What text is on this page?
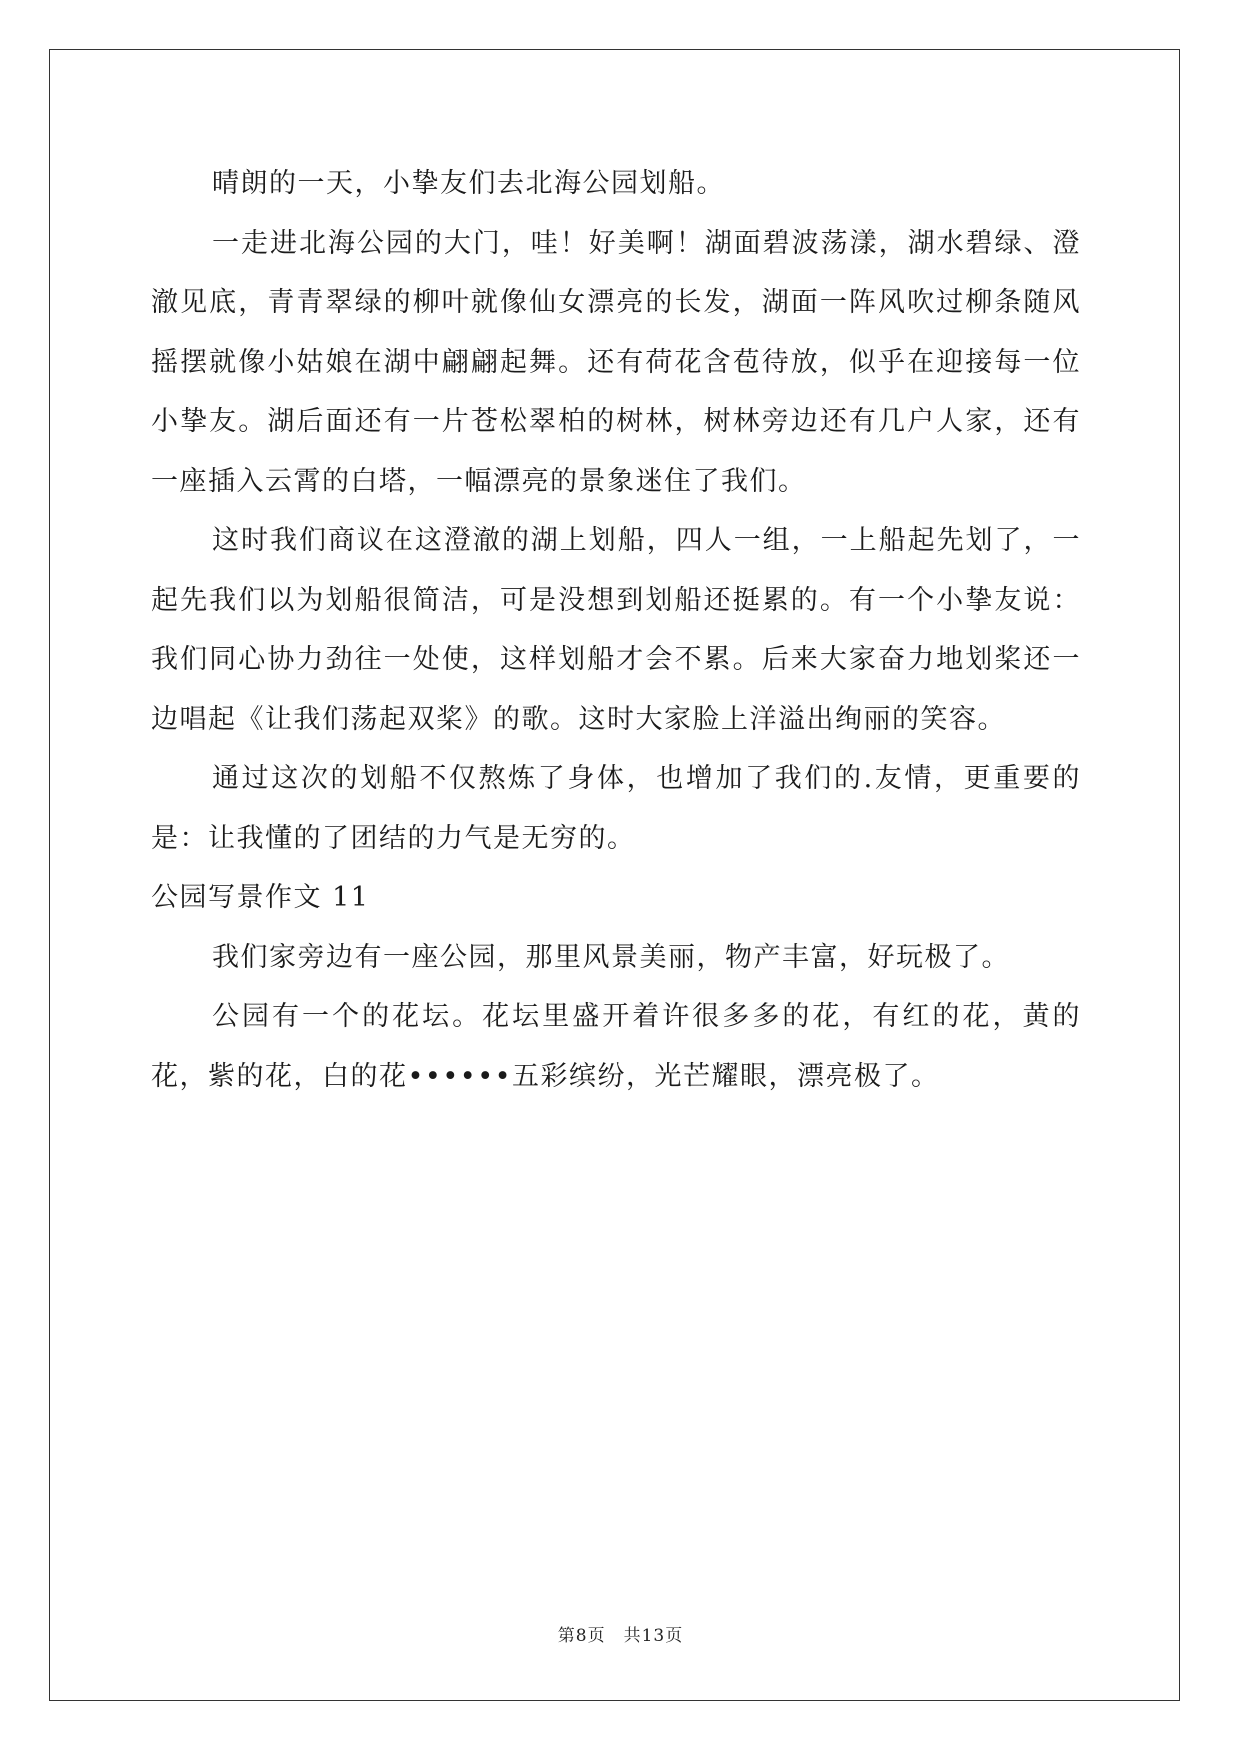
晴朗的一天，小挚友们去北海公园划船。

一走进北海公园的大门，哇！好美啊！湖面碧波荡漾，湖水碧绿、澄澈见底，青青翠绿的柳叶就像仙女漂亮的长发，湖面一阵风吹过柳条随风摇摆就像小姑娘在湖中翩翩起舞。还有荷花含苞待放，似乎在迎接每一位小挚友。湖后面还有一片苍松翠柏的树林，树林旁边还有几户人家，还有一座插入云霄的白塔，一幅漂亮的景象迷住了我们。

这时我们商议在这澄澈的湖上划船，四人一组，一上船起先划了，一起先我们以为划船很简洁，可是没想到划船还挺累的。有一个小挚友说：我们同心协力劲往一处使，这样划船才会不累。后来大家奋力地划桨还一边唱起《让我们荡起双桨》的歌。这时大家脸上洋溢出绚丽的笑容。

通过这次的划船不仅熬炼了身体，也增加了我们的.友情，更重要的是：让我懂的了团结的力气是无穷的。

公园写景作文 11

我们家旁边有一座公园，那里风景美丽，物产丰富，好玩极了。

公园有一个的花坛。花坛里盛开着许很多多的花，有红的花，黄的花，紫的花，白的花••••••五彩缤纷，光芒耀眼，漂亮极了。

第8页　共13页
